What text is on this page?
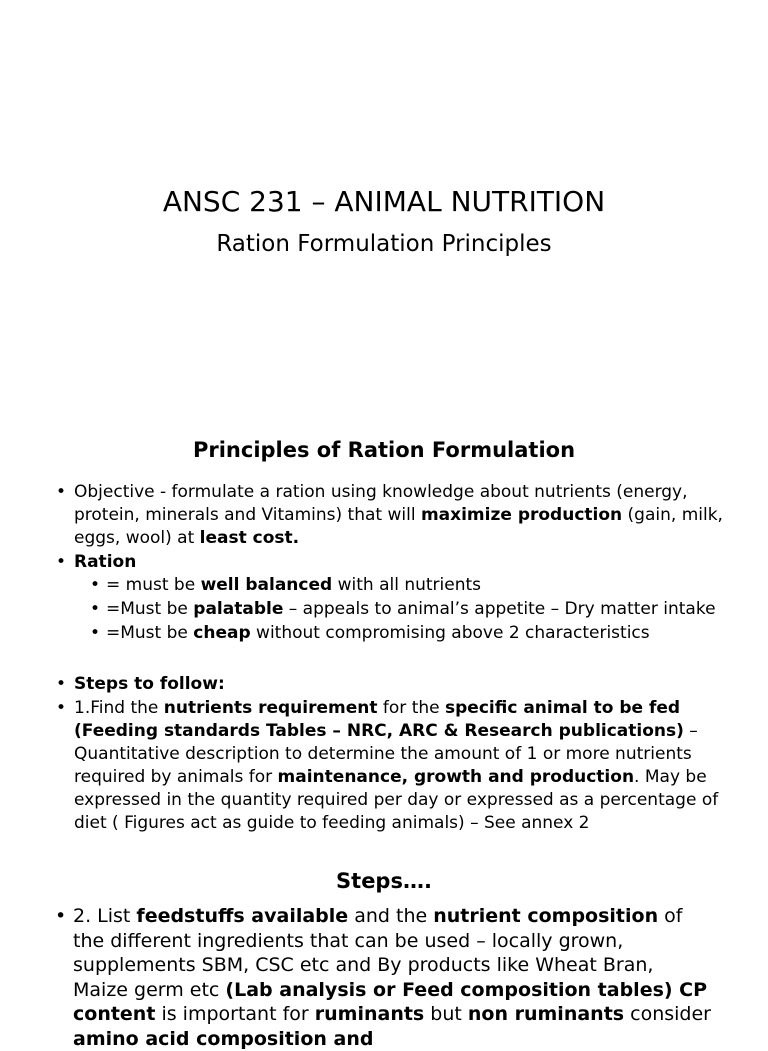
ANSC 231 – ANIMAL NUTRITION
Ration Formulation Principles
Principles of Ration Formulation
• Objective - formulate a ration using knowledge about nutrients (energy, protein, minerals and Vitamins) that will maximize production (gain, milk, eggs, wool) at least cost.
• Ration
• = must be well balanced with all nutrients
• =Must be palatable – appeals to animal’s appetite – Dry matter intake
• =Must be cheap without compromising above 2 characteristics
• Steps to follow:
• 1.Find the nutrients requirement for the specific animal to be fed (Feeding standards Tables – NRC, ARC & Research publications) – Quantitative description to determine the amount of 1 or more nutrients required by animals for maintenance, growth and production. May be expressed in the quantity required per day or expressed as a percentage of diet ( Figures act as guide to feeding animals) – See annex 2
Steps….
• 2. List feedstuffs available and the nutrient composition of the different ingredients that can be used – locally grown, supplements SBM, CSC etc and By products like Wheat Bran, Maize germ etc (Lab analysis or Feed composition tables) CP content is important for ruminants but non ruminants consider amino acid composition and
